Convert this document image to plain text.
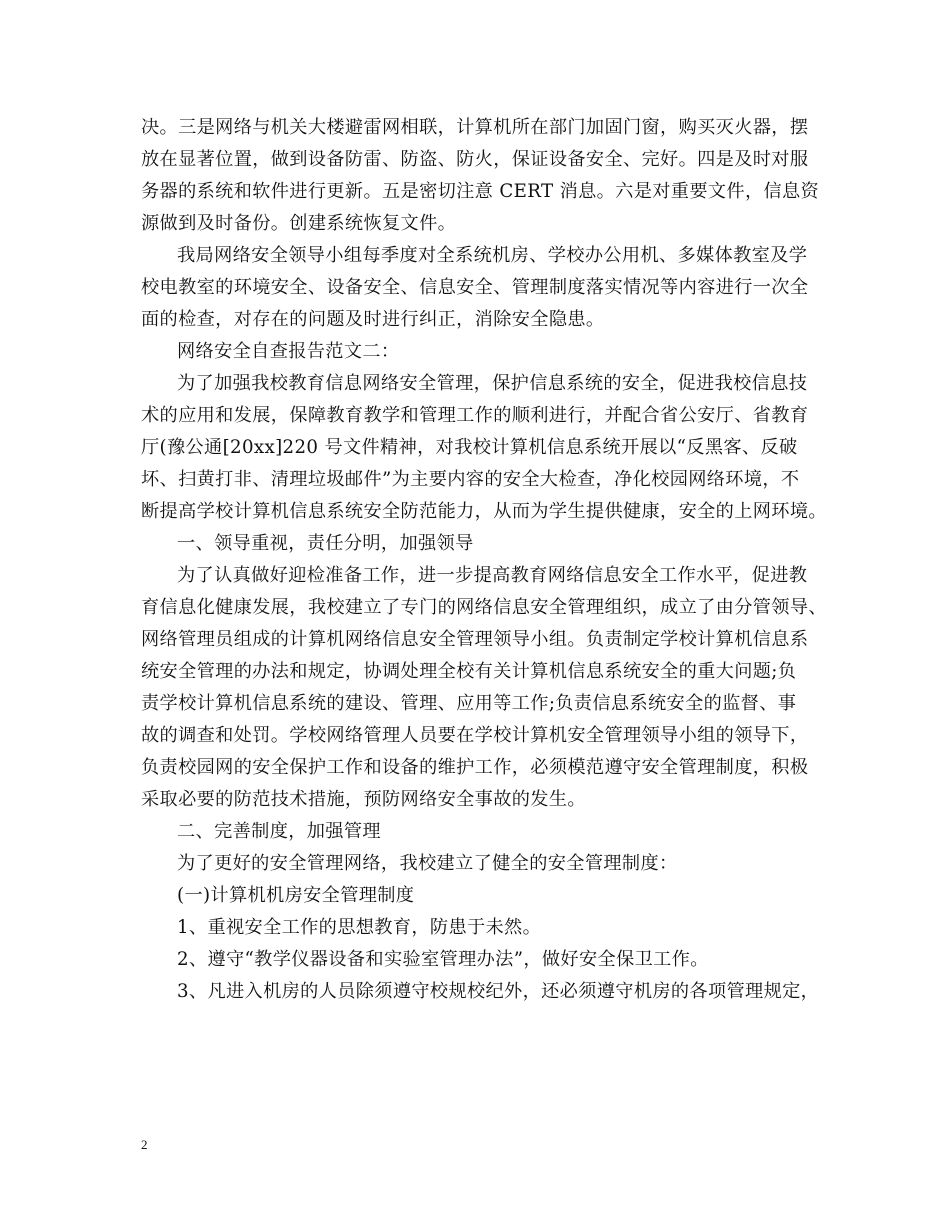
决。三是网络与机关大楼避雷网相联，计算机所在部门加固门窗，购买灭火器，摆
放在显著位置，做到设备防雷、防盗、防火，保证设备安全、完好。四是及时对服
务器的系统和软件进行更新。五是密切注意 CERT 消息。六是对重要文件，信息资
源做到及时备份。创建系统恢复文件。
我局网络安全领导小组每季度对全系统机房、学校办公用机、多媒体教室及学
校电教室的环境安全、设备安全、信息安全、管理制度落实情况等内容进行一次全
面的检查，对存在的问题及时进行纠正，消除安全隐患。
网络安全自查报告范文二：
为了加强我校教育信息网络安全管理，保护信息系统的安全，促进我校信息技
术的应用和发展，保障教育教学和管理工作的顺利进行，并配合省公安厅、省教育
厅(豫公通[20xx]220 号文件精神，对我校计算机信息系统开展以“反黑客、反破
坏、扫黄打非、清理垃圾邮件”为主要内容的安全大检查，净化校园网络环境，不
断提高学校计算机信息系统安全防范能力，从而为学生提供健康，安全的上网环境。
一、领导重视，责任分明，加强领导
为了认真做好迎检准备工作，进一步提高教育网络信息安全工作水平，促进教
育信息化健康发展，我校建立了专门的网络信息安全管理组织，成立了由分管领导、
网络管理员组成的计算机网络信息安全管理领导小组。负责制定学校计算机信息系
统安全管理的办法和规定，协调处理全校有关计算机信息系统安全的重大问题;负
责学校计算机信息系统的建设、管理、应用等工作;负责信息系统安全的监督、事
故的调查和处罚。学校网络管理人员要在学校计算机安全管理领导小组的领导下，
负责校园网的安全保护工作和设备的维护工作，必须模范遵守安全管理制度，积极
采取必要的防范技术措施，预防网络安全事故的发生。
二、完善制度，加强管理
为了更好的安全管理网络，我校建立了健全的安全管理制度：
(一)计算机机房安全管理制度
1、重视安全工作的思想教育，防患于未然。
2、遵守“教学仪器设备和实验室管理办法”，做好安全保卫工作。
3、凡进入机房的人员除须遵守校规校纪外，还必须遵守机房的各项管理规定，
2
